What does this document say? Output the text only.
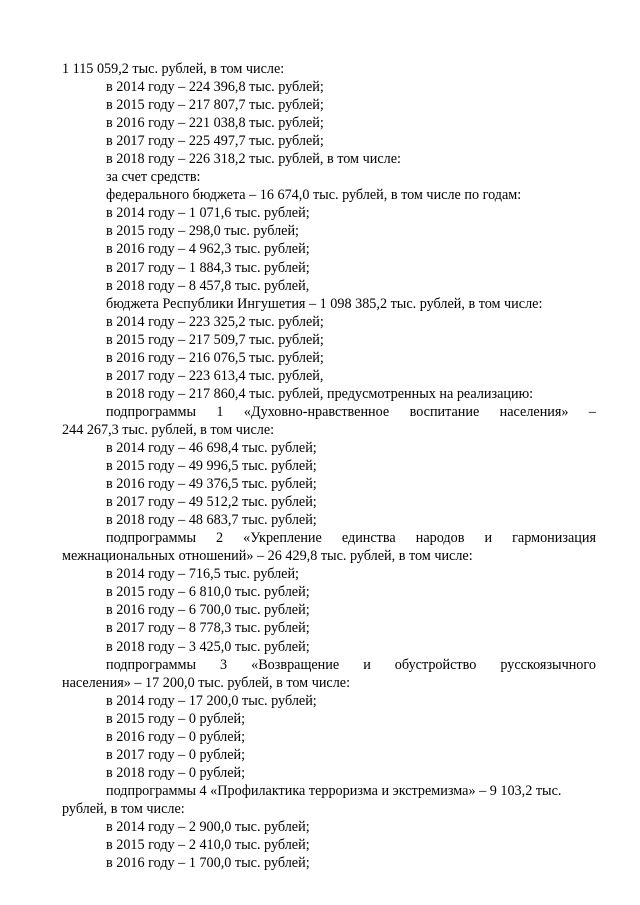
1 115 059,2 тыс. рублей, в том числе:
в 2014 году – 224 396,8 тыс. рублей;
в 2015 году – 217 807,7 тыс. рублей;
в 2016 году – 221 038,8 тыс. рублей;
в 2017 году – 225 497,7 тыс. рублей;
в 2018 году – 226 318,2 тыс. рублей, в том числе:
за счет средств:
федерального бюджета – 16 674,0 тыс. рублей, в том числе по годам:
в 2014 году – 1 071,6 тыс. рублей;
в 2015 году – 298,0 тыс. рублей;
в 2016 году – 4 962,3 тыс. рублей;
в 2017 году – 1 884,3 тыс. рублей;
в 2018 году – 8 457,8 тыс. рублей,
бюджета Республики Ингушетия – 1 098 385,2 тыс. рублей, в том числе:
в 2014 году – 223 325,2 тыс. рублей;
в 2015 году – 217 509,7 тыс. рублей;
в 2016 году – 216 076,5 тыс. рублей;
в 2017 году – 223 613,4 тыс. рублей,
в 2018 году – 217 860,4 тыс. рублей, предусмотренных на реализацию:
подпрограммы 1 «Духовно-нравственное воспитание населения» –
244 267,3 тыс. рублей, в том числе:
в 2014 году – 46 698,4 тыс. рублей;
в 2015 году – 49 996,5 тыс. рублей;
в 2016 году – 49 376,5 тыс. рублей;
в 2017 году – 49 512,2 тыс. рублей;
в 2018 году – 48 683,7 тыс. рублей;
подпрограммы 2 «Укрепление единства народов и гармонизация
межнациональных отношений» – 26 429,8 тыс. рублей, в том числе:
в 2014 году – 716,5 тыс. рублей;
в 2015 году – 6 810,0 тыс. рублей;
в 2016 году – 6 700,0 тыс. рублей;
в 2017 году – 8 778,3 тыс. рублей;
в 2018 году – 3 425,0 тыс. рублей;
подпрограммы 3 «Возвращение и обустройство русскоязычного
населения» – 17 200,0 тыс. рублей, в том числе:
в 2014 году – 17 200,0 тыс. рублей;
в 2015 году – 0 рублей;
в 2016 году – 0 рублей;
в 2017 году – 0 рублей;
в 2018 году – 0 рублей;
подпрограммы 4 «Профилактика терроризма и экстремизма» – 9 103,2 тыс.
рублей, в том числе:
в 2014 году – 2 900,0 тыс. рублей;
в 2015 году – 2 410,0 тыс. рублей;
в 2016 году – 1 700,0 тыс. рублей;
